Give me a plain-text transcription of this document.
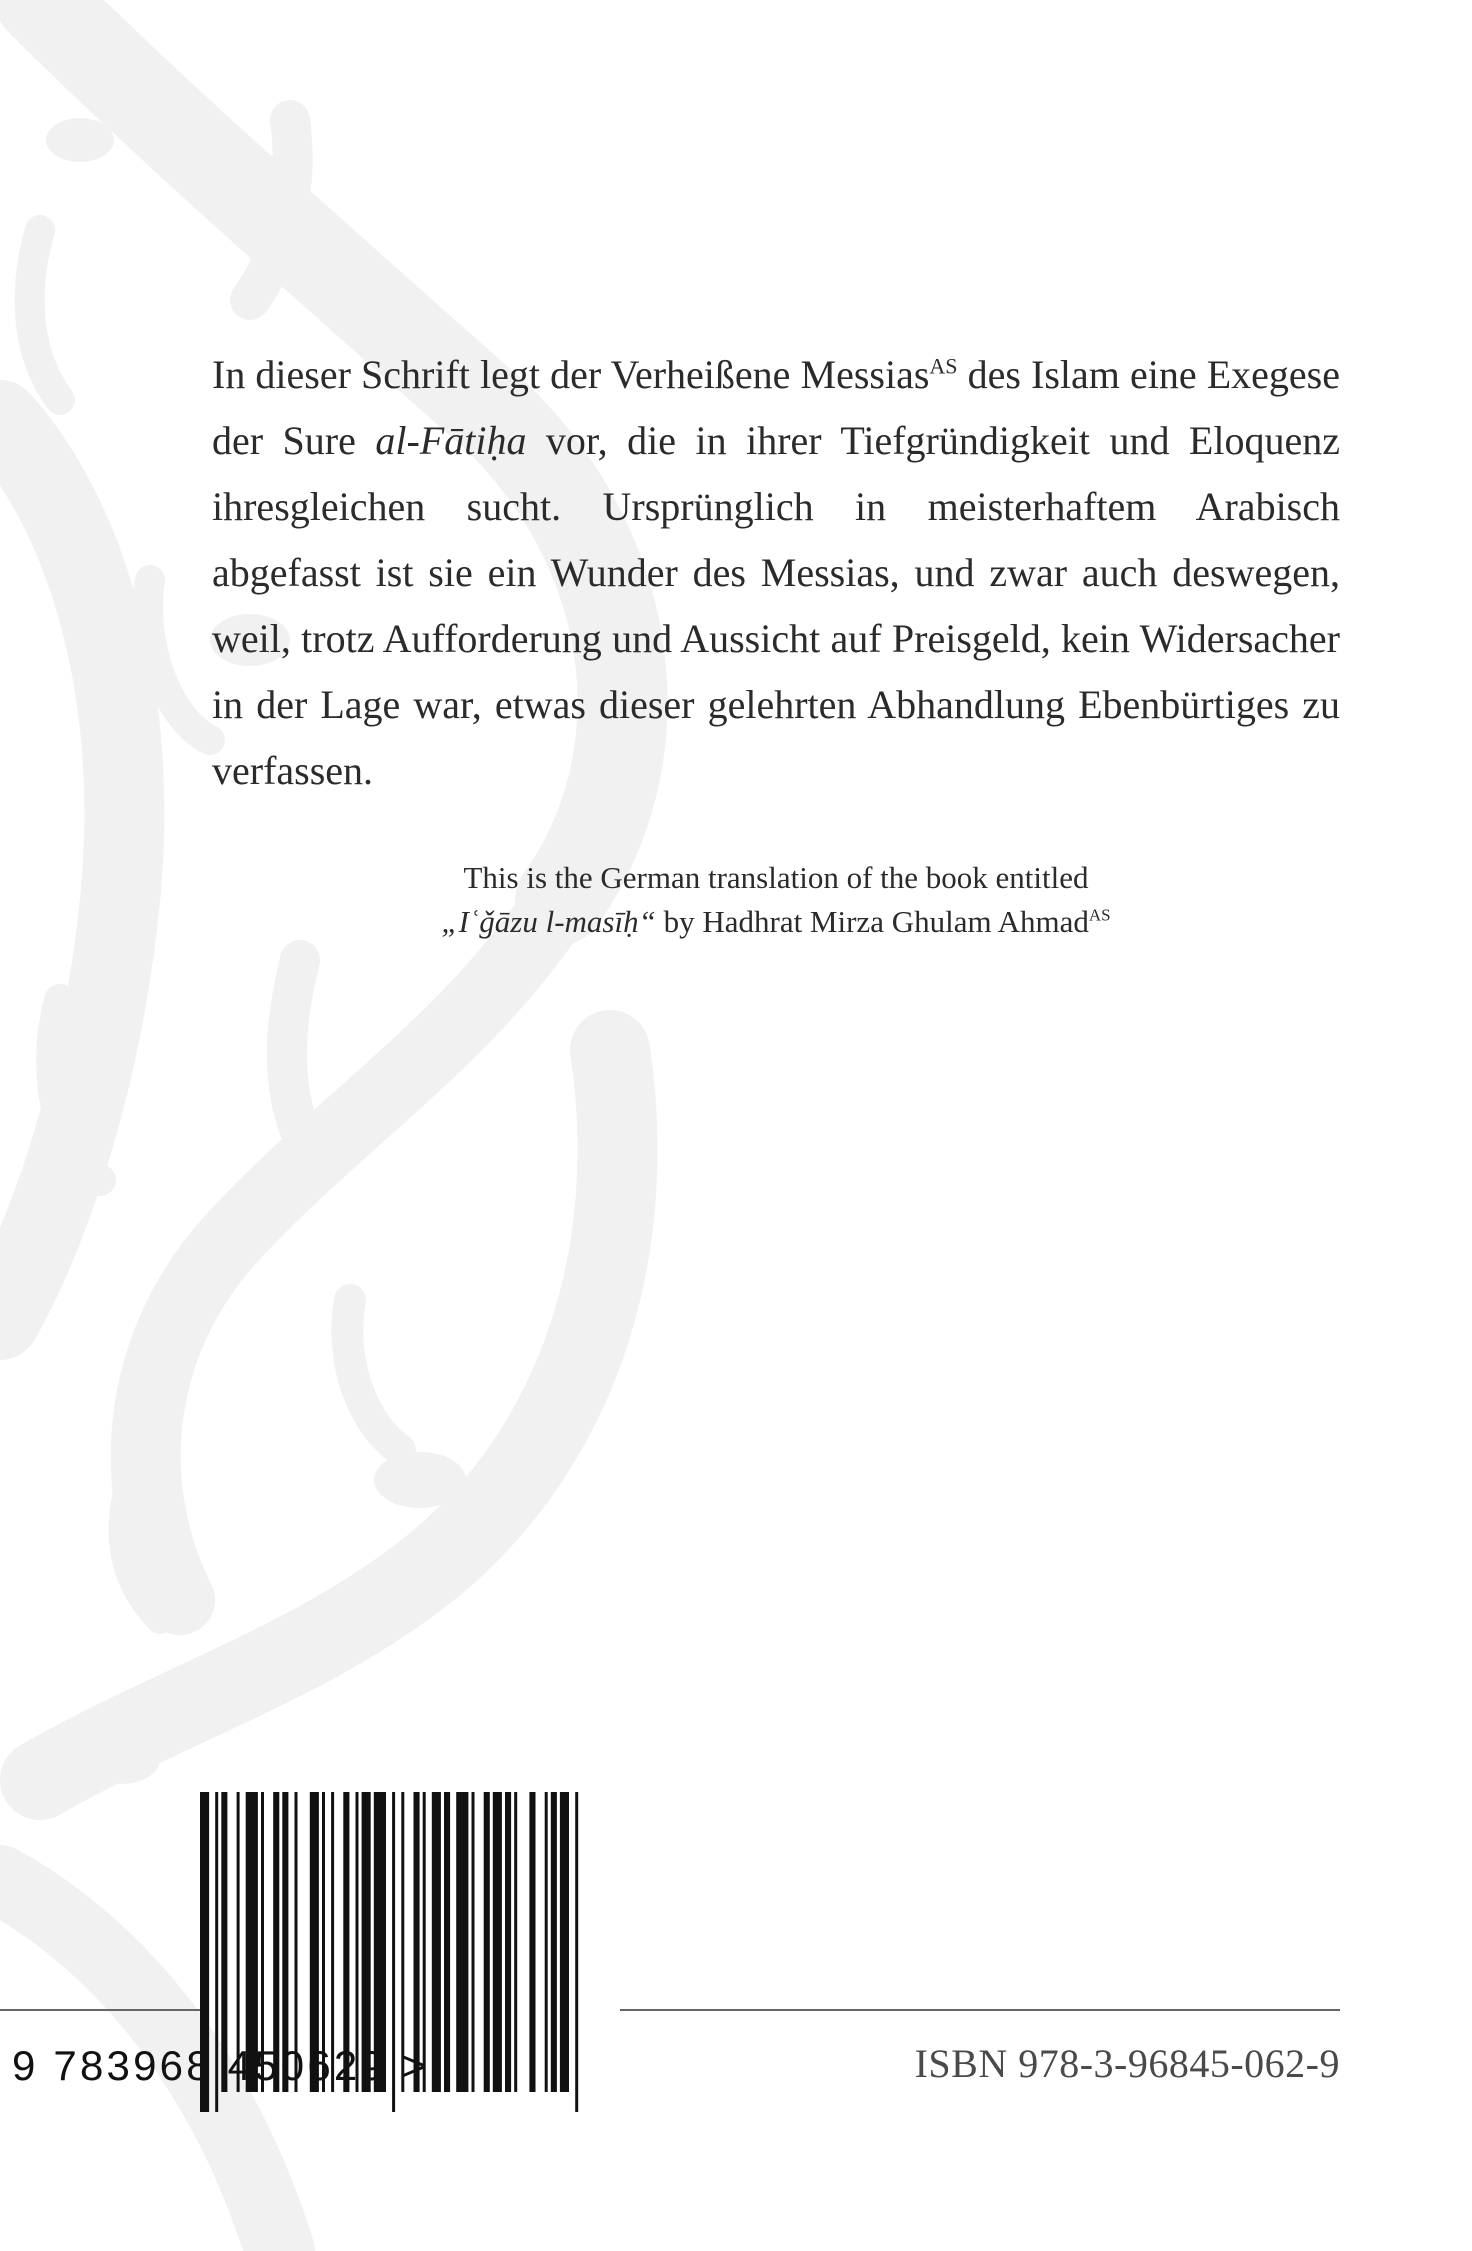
In dieser Schrift legt der Verheißene Messias$^{AS}$ des Islam eine Exegese der Sure al-Fātiḥa vor, die in ihrer Tiefgründigkeit und Eloquenz ihresgleichen sucht. Ursprünglich in meisterhaftem Arabisch abgefasst ist sie ein Wunder des Messias, und zwar auch deswegen, weil, trotz Aufforderung und Aussicht auf Preisgeld, kein Widersacher in der Lage war, etwas dieser gelehrten Abhandlung Ebenbürtiges zu verfassen.

This is the German translation of the book entitled
„Iʿǧāzu l-masīḥ“ by Hadhrat Mirza Ghulam Ahmad$^{AS}$
9 783968 450629 >	ISBN 978-3-96845-062-9
